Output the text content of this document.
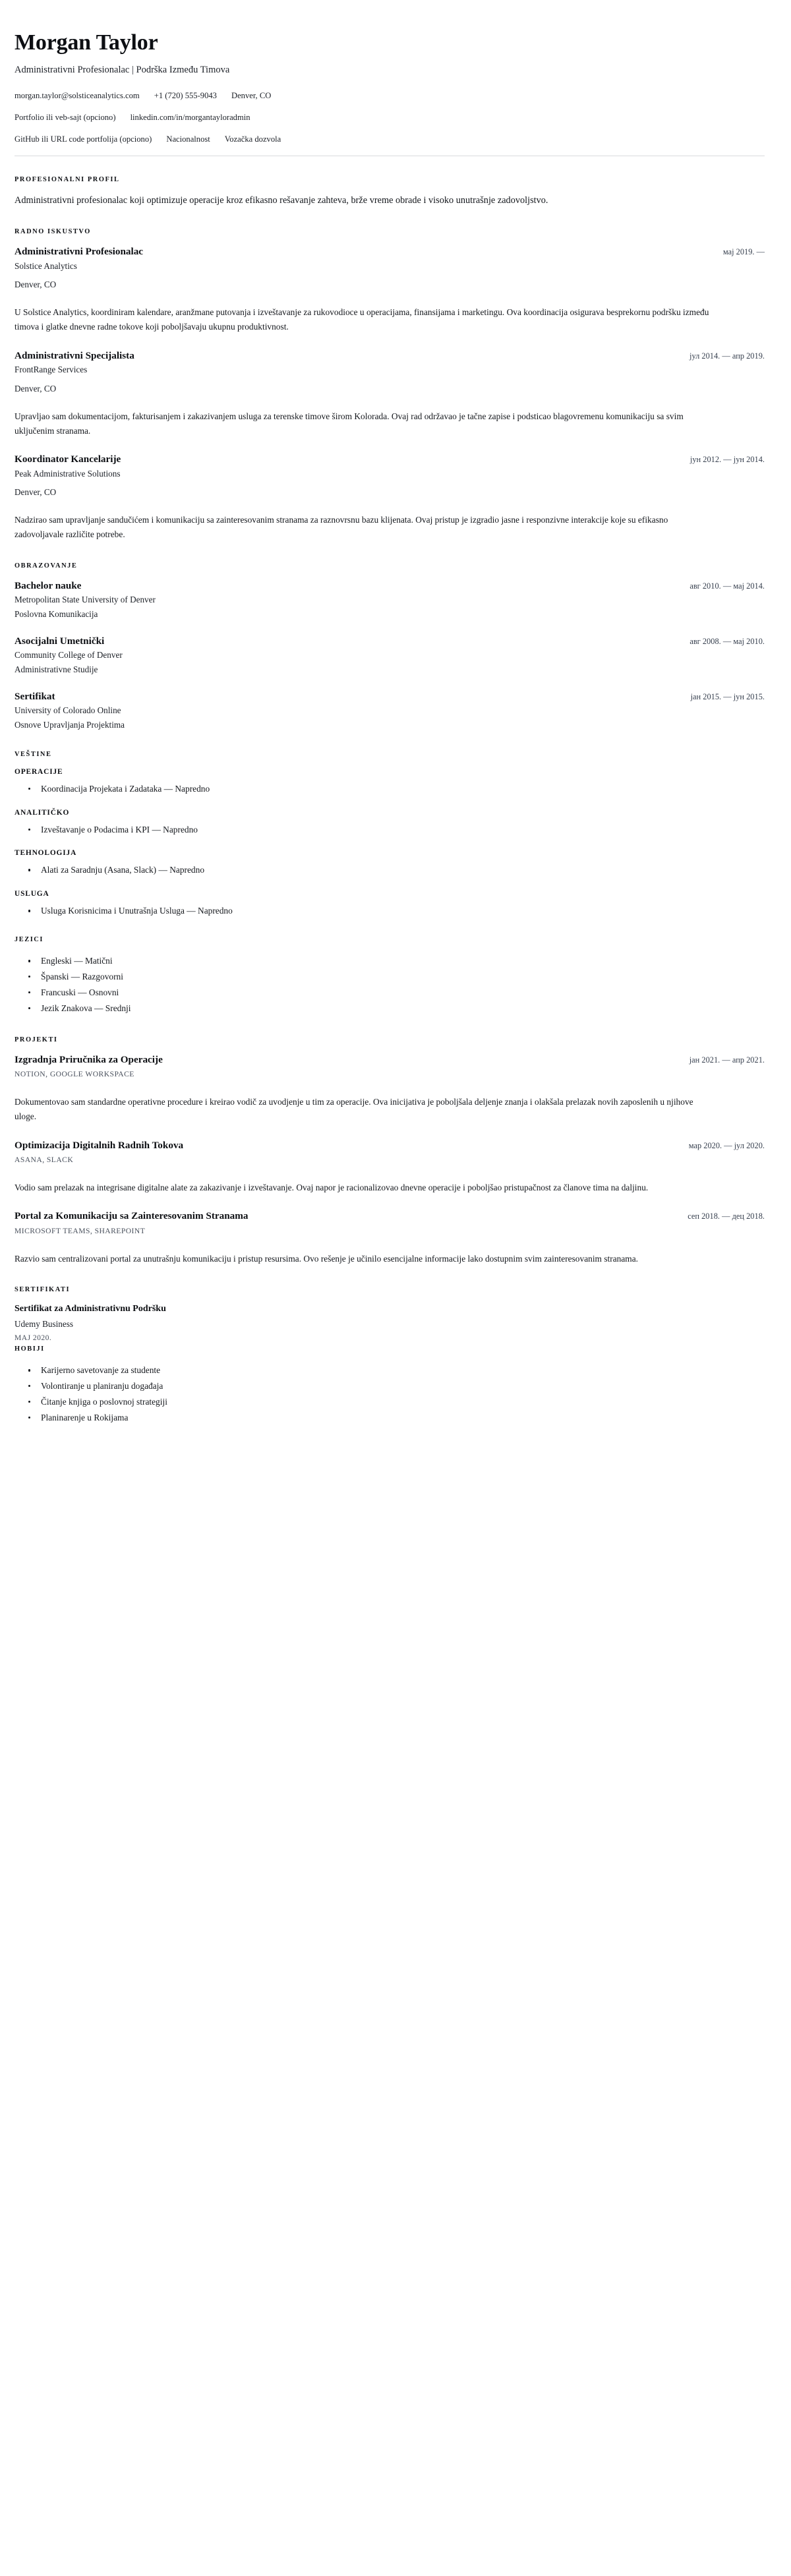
Morgan Taylor
Administrativni Profesionalac | Podrška Između Timova
morgan.taylor@solsticeanalytics.com +1 (720) 555-9043 Denver, CO
Portfolio ili veb-sajt (opciono) linkedin.com/in/morgantayloradmin
GitHub ili URL code portfolija (opciono) Nacionalnost Vozačka dozvola
PROFESIONALNI PROFIL

Administrativni profesionalac koji optimizuje operacije kroz efikasno rešavanje zahteva, brže vreme obrade i visoko unutrašnje zadovoljstvo.

RADNO ISKUSTVO
Administrativni Profesionalac	мај 2019. —
Solstice Analytics
Denver, CO

U Solstice Analytics, koordiniram kalendare, aranžmane putovanja i izveštavanje za rukovodioce u operacijama, finansijama i marketingu. Ova koordinacija osigurava besprekornu podršku između timova i glatke dnevne radne tokove koji poboljšavaju ukupnu produktivnost.

Administrativni Specijalista	јул 2014. — апр 2019.
FrontRange Services
Denver, CO

Upravljao sam dokumentacijom, fakturisanjem i zakazivanjem usluga za terenske timove širom Kolorada. Ovaj rad održavao je tačne zapise i podsticao blagovremenu komunikaciju sa svim uključenim stranama.

Koordinator Kancelarije	јун 2012. — јун 2014.
Peak Administrative Solutions
Denver, CO

Nadzirao sam upravljanje sandučićem i komunikaciju sa zainteresovanim stranama za raznovrsnu bazu klijenata. Ovaj pristup je izgradio jasne i responzivne interakcije koje su efikasno zadovoljavale različite potrebe.

OBRAZOVANJE
Bachelor nauke	авг 2010. — мај 2014.
Metropolitan State University of Denver
Poslovna Komunikacija
Asocijalni Umetnički	авг 2008. — мај 2010.
Community College of Denver
Administrativne Studije
Sertifikat	јан 2015. — јун 2015.
University of Colorado Online
Osnove Upravljanja Projektima
VEŠTINE
OPERACIJE
Koordinacija Projekata i Zadataka — Napredno
ANALITIČKO
Izveštavanje o Podacima i KPI — Napredno
TEHNOLOGIJA
Alati za Saradnju (Asana, Slack) — Napredno
USLUGA
Usluga Korisnicima i Unutrašnja Usluga — Napredno
JEZICI
Engleski — Matični
Španski — Razgovorni
Francuski — Osnovni
Jezik Znakova — Srednji
PROJEKTI
Izgradnja Priručnika za Operacije	јан 2021. — апр 2021.
NOTION, GOOGLE WORKSPACE

Dokumentovao sam standardne operativne procedure i kreirao vodič za uvodjenje u tim za operacije. Ova inicijativa je poboljšala deljenje znanja i olakšala prelazak novih zaposlenih u njihove uloge.

Optimizacija Digitalnih Radnih Tokova	мар 2020. — јул 2020.
ASANA, SLACK

Vodio sam prelazak na integrisane digitalne alate za zakazivanje i izveštavanje. Ovaj napor je racionalizovao dnevne operacije i poboljšao pristupačnost za članove tima na daljinu.

Portal za Komunikaciju sa Zainteresovanim Stranama	сеп 2018. — дец 2018.
MICROSOFT TEAMS, SHAREPOINT

Razvio sam centralizovani portal za unutrašnju komunikaciju i pristup resursima. Ovo rešenje je učinilo esencijalne informacije lako dostupnim svim zainteresovanim stranama.

SERTIFIKATI
Sertifikat za Administrativnu Podršku
Udemy Business
МАЈ 2020.
HOBIJI
Karijerno savetovanje za studente
Volontiranje u planiranju događaja
Čitanje knjiga o poslovnoj strategiji
Planinarenje u Rokijama
